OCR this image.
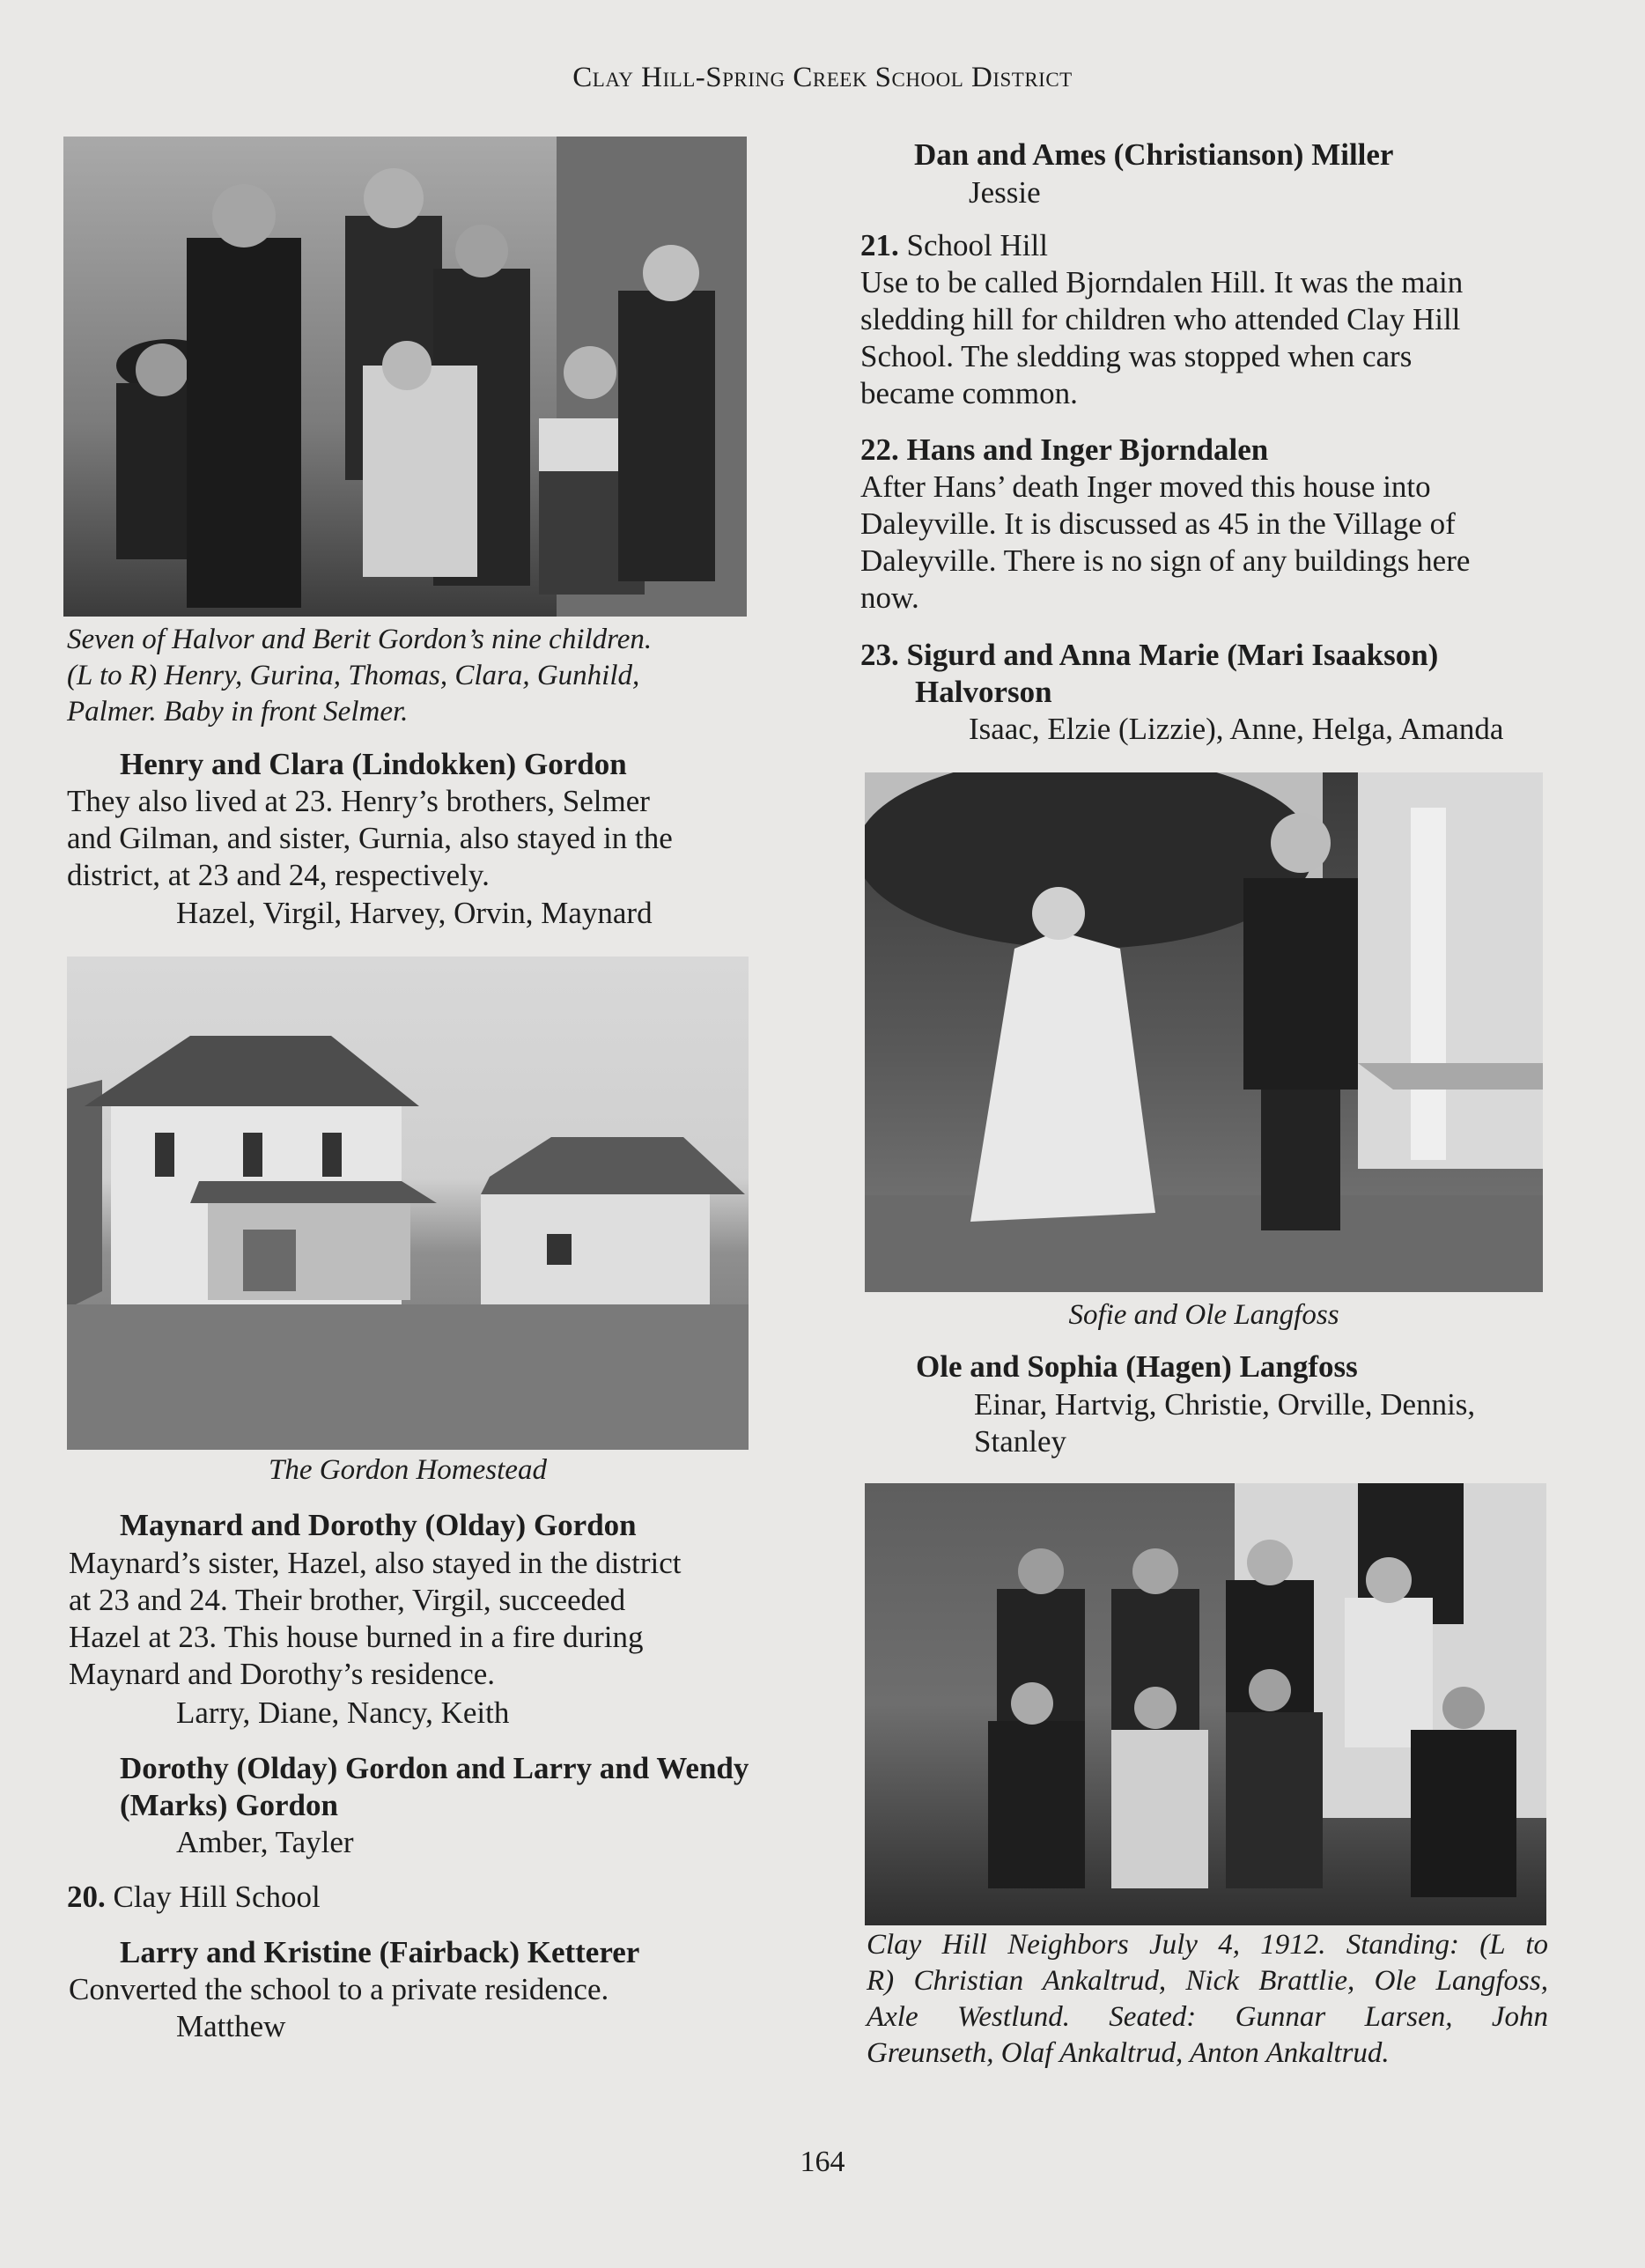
Clay Hill-Spring Creek School District
Seven of Halvor and Berit Gordon’s nine children.
(L to R) Henry, Gurina, Thomas, Clara, Gunhild,
Palmer. Baby in front Selmer.
Henry and Clara (Lindokken) Gordon
They also lived at 23. Henry’s brothers, Selmer
and Gilman, and sister, Gurnia, also stayed in the
district, at 23 and 24, respectively.
Hazel, Virgil, Harvey, Orvin, Maynard
The Gordon Homestead
Maynard and Dorothy (Olday) Gordon
Maynard’s sister, Hazel, also stayed in the district
at 23 and 24. Their brother, Virgil, succeeded
Hazel at 23. This house burned in a fire during
Maynard and Dorothy’s residence.
Larry, Diane, Nancy, Keith
Dorothy (Olday) Gordon and Larry and Wendy
(Marks) Gordon
Amber, Tayler
20. Clay Hill School
Larry and Kristine (Fairback) Ketterer
Converted the school to a private residence.
Matthew
Dan and Ames (Christianson) Miller
Jessie
21. School Hill
Use to be called Bjorndalen Hill. It was the main
sledding hill for children who attended Clay Hill
School. The sledding was stopped when cars
became common.
22. Hans and Inger Bjorndalen
After Hans’ death Inger moved this house into
Daleyville. It is discussed as 45 in the Village of
Daleyville. There is no sign of any buildings here
now.
23. Sigurd and Anna Marie (Mari Isaakson)
Halvorson
Isaac, Elzie (Lizzie), Anne, Helga, Amanda
Sofie and Ole Langfoss
Ole and Sophia (Hagen) Langfoss
Einar, Hartvig, Christie, Orville, Dennis,
Stanley
Clay Hill Neighbors July 4, 1912. Standing: (L to
R) Christian Ankaltrud, Nick Brattlie, Ole Langfoss,
Axle Westlund. Seated: Gunnar Larsen, John
Greunseth, Olaf Ankaltrud, Anton Ankaltrud.
164
